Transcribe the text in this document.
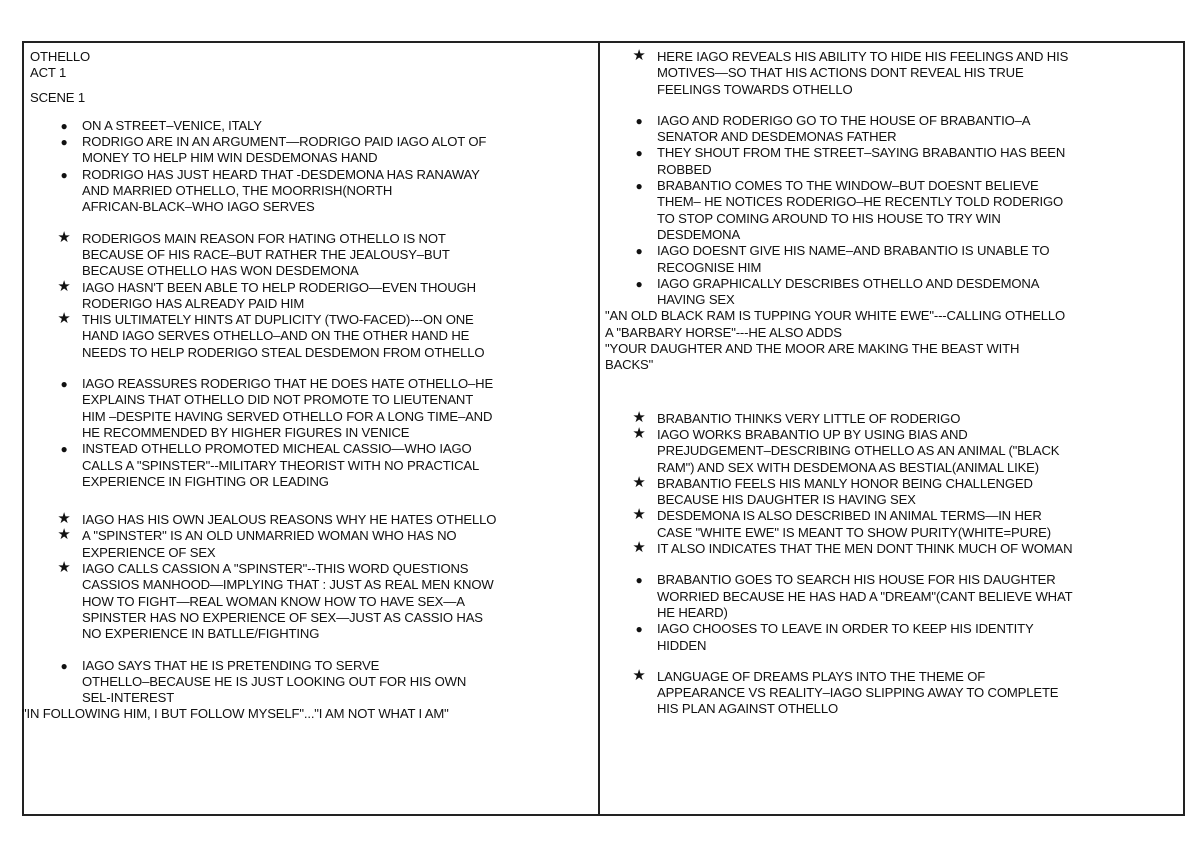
OTHELLO
ACT 1
SCENE 1
●	ON A STREET–VENICE, ITALY
●	RODRIGO ARE IN AN ARGUMENT—RODRIGO PAID IAGO ALOT OF
MONEY TO HELP HIM WIN DESDEMONAS HAND
●	RODRIGO HAS JUST HEARD THAT -DESDEMONA HAS RANAWAY
AND MARRIED OTHELLO, THE MOORRISH(NORTH
AFRICAN-BLACK–WHO IAGO SERVES
★ RODERIGOS MAIN REASON FOR HATING OTHELLO IS NOT
BECAUSE OF HIS RACE–BUT RATHER THE JEALOUSY–BUT
BECAUSE OTHELLO HAS WON DESDEMONA
★ IAGO HASN'T BEEN ABLE TO HELP RODERIGO—EVEN THOUGH
RODERIGO HAS ALREADY PAID HIM
★ THIS ULTIMATELY HINTS AT DUPLICITY (TWO-FACED)---ON ONE
HAND IAGO SERVES OTHELLO–AND ON THE OTHER HAND HE
NEEDS TO HELP RODERIGO STEAL DESDEMON FROM OTHELLO
●	IAGO REASSURES RODERIGO THAT HE DOES HATE OTHELLO–HE
EXPLAINS THAT OTHELLO DID NOT PROMOTE TO LIEUTENANT
HIM –DESPITE HAVING SERVED OTHELLO FOR A LONG TIME–AND
HE RECOMMENDED BY HIGHER FIGURES IN VENICE
●	INSTEAD OTHELLO PROMOTED MICHEAL CASSIO—WHO IAGO
CALLS A "SPINSTER"--MILITARY THEORIST WITH NO PRACTICAL
EXPERIENCE IN FIGHTING OR LEADING
★ IAGO HAS HIS OWN JEALOUS REASONS WHY HE HATES OTHELLO
★ A "SPINSTER" IS AN OLD UNMARRIED WOMAN WHO HAS NO
EXPERIENCE OF SEX
★ IAGO CALLS CASSION A "SPINSTER"--THIS WORD QUESTIONS
CASSIOS MANHOOD—IMPLYING THAT : JUST AS REAL MEN KNOW
HOW TO FIGHT—REAL WOMAN KNOW HOW TO HAVE SEX—A
SPINSTER HAS NO EXPERIENCE OF SEX—JUST AS CASSIO HAS
NO EXPERIENCE IN BATLLE/FIGHTING
●	IAGO SAYS THAT HE IS PRETENDING TO SERVE
OTHELLO–BECAUSE HE IS JUST LOOKING OUT FOR HIS OWN
SEL-INTEREST
"IN FOLLOWING HIM, I BUT FOLLOW MYSELF"..."I AM NOT WHAT I AM"
★ HERE IAGO REVEALS HIS ABILITY TO HIDE HIS FEELINGS AND HIS
MOTIVES—SO THAT HIS ACTIONS DONT REVEAL HIS TRUE
FEELINGS TOWARDS OTHELLO
●	IAGO AND RODERIGO GO TO THE HOUSE OF BRABANTIO–A
SENATOR AND DESDEMONAS FATHER
●	THEY SHOUT FROM THE STREET–SAYING BRABANTIO HAS BEEN
ROBBED
●	BRABANTIO COMES TO THE WINDOW–BUT DOESNT BELIEVE
THEM– HE NOTICES RODERIGO–HE RECENTLY TOLD RODERIGO
TO STOP COMING AROUND TO HIS HOUSE TO TRY WIN
DESDEMONA
●	IAGO DOESNT GIVE HIS NAME–AND BRABANTIO IS UNABLE TO
RECOGNISE HIM
●	IAGO GRAPHICALLY DESCRIBES OTHELLO AND DESDEMONA
HAVING SEX
"AN OLD BLACK RAM IS TUPPING YOUR WHITE EWE"---CALLING OTHELLO
A "BARBARY HORSE"---HE ALSO ADDS
"YOUR DAUGHTER AND THE MOOR ARE MAKING THE BEAST WITH
BACKS"
★ BRABANTIO THINKS VERY LITTLE OF RODERIGO
★ IAGO WORKS BRABANTIO UP BY USING BIAS AND
PREJUDGEMENT–DESCRIBING OTHELLO AS AN ANIMAL ("BLACK
RAM") AND SEX WITH DESDEMONA AS BESTIAL(ANIMAL LIKE)
★ BRABANTIO FEELS HIS MANLY HONOR BEING CHALLENGED
BECAUSE HIS DAUGHTER IS HAVING SEX
★ DESDEMONA IS ALSO DESCRIBED IN ANIMAL TERMS—IN HER
CASE "WHITE EWE" IS MEANT TO SHOW PURITY(WHITE=PURE)
★ IT ALSO INDICATES THAT THE MEN DONT THINK MUCH OF WOMAN
●	BRABANTIO GOES TO SEARCH HIS HOUSE FOR HIS DAUGHTER
WORRIED BECAUSE HE HAS HAD A "DREAM"(CANT BELIEVE WHAT
HE HEARD)
●	IAGO CHOOSES TO LEAVE IN ORDER TO KEEP HIS IDENTITY
HIDDEN
★ LANGUAGE OF DREAMS PLAYS INTO THE THEME OF
APPEARANCE VS REALITY–IAGO SLIPPING AWAY TO COMPLETE
HIS PLAN AGAINST OTHELLO
